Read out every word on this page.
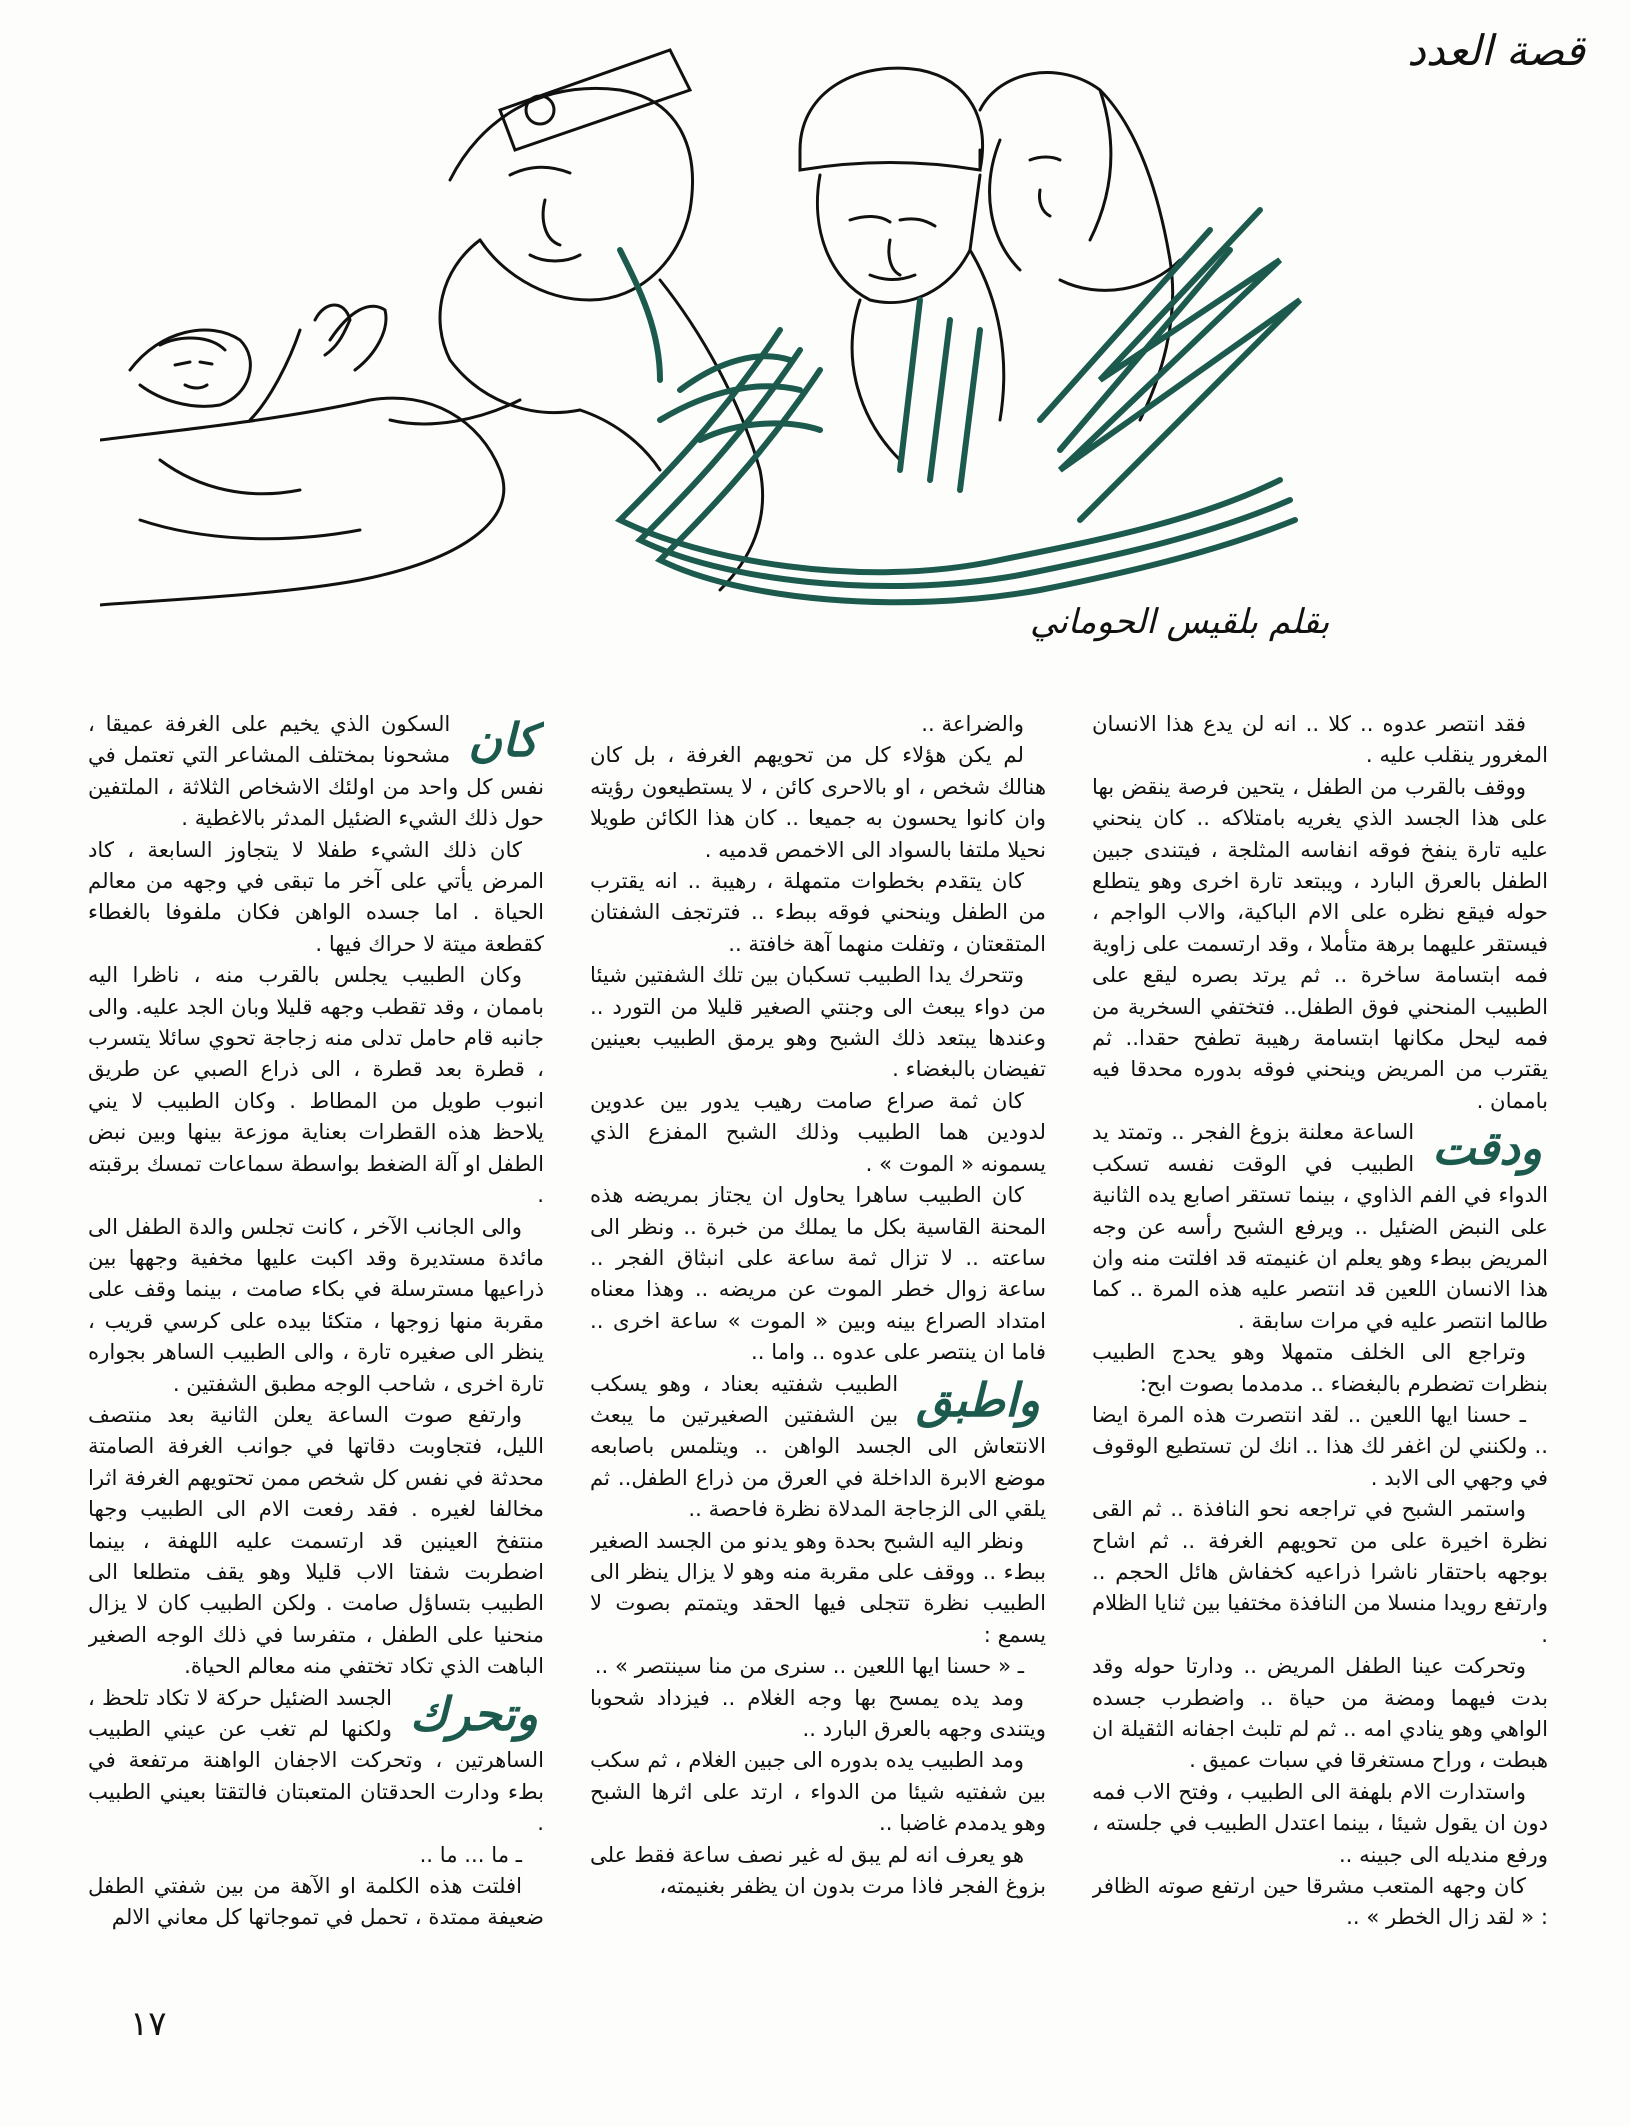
قصة العدد
بقلم بلقيس الحوماني

كان
السكون الذي يخيم على الغرفة عميقا ، مشحونا بمختلف المشاعر التي تعتمل في نفس كل واحد من اولئك الاشخاص الثلاثة ، الملتفين حول ذلك الشيء الضئيل المدثر بالاغطية .

كان ذلك الشيء طفلا لا يتجاوز السابعة ، كاد المرض يأتي على آخر ما تبقى في وجهه من معالم الحياة . اما جسده الواهن فكان ملفوفا بالغطاء كقطعة ميتة لا حراك فيها .

وكان الطبيب يجلس بالقرب منه ، ناظرا اليه باممان ، وقد تقطب وجهه قليلا وبان الجد عليه. والى جانبه قام حامل تدلى منه زجاجة تحوي سائلا يتسرب ، قطرة بعد قطرة ، الى ذراع الصبي عن طريق انبوب طويل من المطاط . وكان الطبيب لا يني يلاحظ هذه القطرات بعناية موزعة بينها وبين نبض الطفل او آلة الضغط بواسطة سماعات تمسك برقبته .

والى الجانب الآخر ، كانت تجلس والدة الطفل الى مائدة مستديرة وقد اكبت عليها مخفية وجهها بين ذراعيها مسترسلة في بكاء صامت ، بينما وقف على مقربة منها زوجها ، متكئا بيده على كرسي قريب ، ينظر الى صغيره تارة ، والى الطبيب الساهر بجواره تارة اخرى ، شاحب الوجه مطبق الشفتين .

وارتفع صوت الساعة يعلن الثانية بعد منتصف الليل، فتجاوبت دقاتها في جوانب الغرفة الصامتة محدثة في نفس كل شخص ممن تحتويهم الغرفة اثرا مخالفا لغيره . فقد رفعت الام الى الطبيب وجها منتفخ العينين قد ارتسمت عليه اللهفة ، بينما اضطربت شفتا الاب قليلا وهو يقف متطلعا الى الطبيب بتساؤل صامت . ولكن الطبيب كان لا يزال منحنيا على الطفل ، متفرسا في ذلك الوجه الصغير الباهت الذي تكاد تختفي منه معالم الحياة.

وتحرك
الجسد الضئيل حركة لا تكاد تلحظ ، ولكنها لم تغب عن عيني الطبيب الساهرتين ، وتحركت الاجفان الواهنة مرتفعة في بطء ودارت الحدقتان المتعبتان فالتقتا بعيني الطبيب .

ـ ما ... ما ..

افلتت هذه الكلمة او الآهة من بين شفتي الطفل ضعيفة ممتدة ، تحمل في تموجاتها كل معاني الالم

والضراعة ..

لم يكن هؤلاء كل من تحويهم الغرفة ، بل كان هنالك شخص ، او بالاحرى كائن ، لا يستطيعون رؤيته وان كانوا يحسون به جميعا .. كان هذا الكائن طويلا نحيلا ملتفا بالسواد الى الاخمص قدميه .

كان يتقدم بخطوات متمهلة ، رهيبة .. انه يقترب من الطفل وينحني فوقه ببطء .. فترتجف الشفتان المتقعتان ، وتفلت منهما آهة خافتة ..

وتتحرك يدا الطبيب تسكبان بين تلك الشفتين شيئا من دواء يبعث الى وجنتي الصغير قليلا من التورد .. وعندها يبتعد ذلك الشبح وهو يرمق الطبيب بعينين تفيضان بالبغضاء .

كان ثمة صراع صامت رهيب يدور بين عدوين لدودين هما الطبيب وذلك الشبح المفزع الذي يسمونه « الموت » .

كان الطبيب ساهرا يحاول ان يجتاز بمريضه هذه المحنة القاسية بكل ما يملك من خبرة .. ونظر الى ساعته .. لا تزال ثمة ساعة على انبثاق الفجر .. ساعة زوال خطر الموت عن مريضه .. وهذا معناه امتداد الصراع بينه وبين « الموت » ساعة اخرى .. فاما ان ينتصر على عدوه .. واما ..

واطبق
الطبيب شفتيه بعناد ، وهو يسكب بين الشفتين الصغيرتين ما يبعث الانتعاش الى الجسد الواهن .. ويتلمس باصابعه موضع الابرة الداخلة في العرق من ذراع الطفل.. ثم يلقي الى الزجاجة المدلاة نظرة فاحصة ..

ونظر اليه الشبح بحدة وهو يدنو من الجسد الصغير ببطء .. ووقف على مقربة منه وهو لا يزال ينظر الى الطبيب نظرة تتجلى فيها الحقد ويتمتم بصوت لا يسمع :

ـ « حسنا ايها اللعين .. سنرى من منا سينتصر » ..

ومد يده يمسح بها وجه الغلام .. فيزداد شحوبا ويتندى وجهه بالعرق البارد ..

ومد الطبيب يده بدوره الى جبين الغلام ، ثم سكب بين شفتيه شيئا من الدواء ، ارتد على اثرها الشبح وهو يدمدم غاضبا ..

هو يعرف انه لم يبق له غير نصف ساعة فقط على بزوغ الفجر فاذا مرت بدون ان يظفر بغنيمته،

فقد انتصر عدوه .. كلا .. انه لن يدع هذا الانسان المغرور ينقلب عليه .

ووقف بالقرب من الطفل ، يتحين فرصة ينقض بها على هذا الجسد الذي يغريه بامتلاكه .. كان ينحني عليه تارة ينفخ فوقه انفاسه المثلجة ، فيتندى جبين الطفل بالعرق البارد ، ويبتعد تارة اخرى وهو يتطلع حوله فيقع نظره على الام الباكية، والاب الواجم ، فيستقر عليهما برهة متأملا ، وقد ارتسمت على زاوية فمه ابتسامة ساخرة .. ثم يرتد بصره ليقع على الطبيب المنحني فوق الطفل.. فتختفي السخرية من فمه ليحل مكانها ابتسامة رهيبة تطفح حقدا.. ثم يقترب من المريض وينحني فوقه بدوره محدقا فيه باممان .

ودقت
الساعة معلنة بزوغ الفجر .. وتمتد يد الطبيب في الوقت نفسه تسكب الدواء في الفم الذاوي ، بينما تستقر اصابع يده الثانية على النبض الضئيل .. ويرفع الشبح رأسه عن وجه المريض ببطء وهو يعلم ان غنيمته قد افلتت منه وان هذا الانسان اللعين قد انتصر عليه هذه المرة .. كما طالما انتصر عليه في مرات سابقة .

وتراجع الى الخلف متمهلا وهو يحدج الطبيب بنظرات تضطرم بالبغضاء .. مدمدما بصوت ابح:

ـ حسنا ايها اللعين .. لقد انتصرت هذه المرة ايضا .. ولكنني لن اغفر لك هذا .. انك لن تستطيع الوقوف في وجهي الى الابد .

واستمر الشبح في تراجعه نحو النافذة .. ثم القى نظرة اخيرة على من تحويهم الغرفة .. ثم اشاح بوجهه باحتقار ناشرا ذراعيه كخفاش هائل الحجم .. وارتفع رويدا منسلا من النافذة مختفيا بين ثنايا الظلام .

وتحركت عينا الطفل المريض .. ودارتا حوله وقد بدت فيهما ومضة من حياة .. واضطرب جسده الواهي وهو ينادي امه .. ثم لم تلبث اجفانه الثقيلة ان هبطت ، وراح مستغرقا في سبات عميق .

واستدارت الام بلهفة الى الطبيب ، وفتح الاب فمه دون ان يقول شيئا ، بينما اعتدل الطبيب في جلسته ، ورفع منديله الى جبينه ..

كان وجهه المتعب مشرقا حين ارتفع صوته الظافر : « لقد زال الخطر » ..

١٧
